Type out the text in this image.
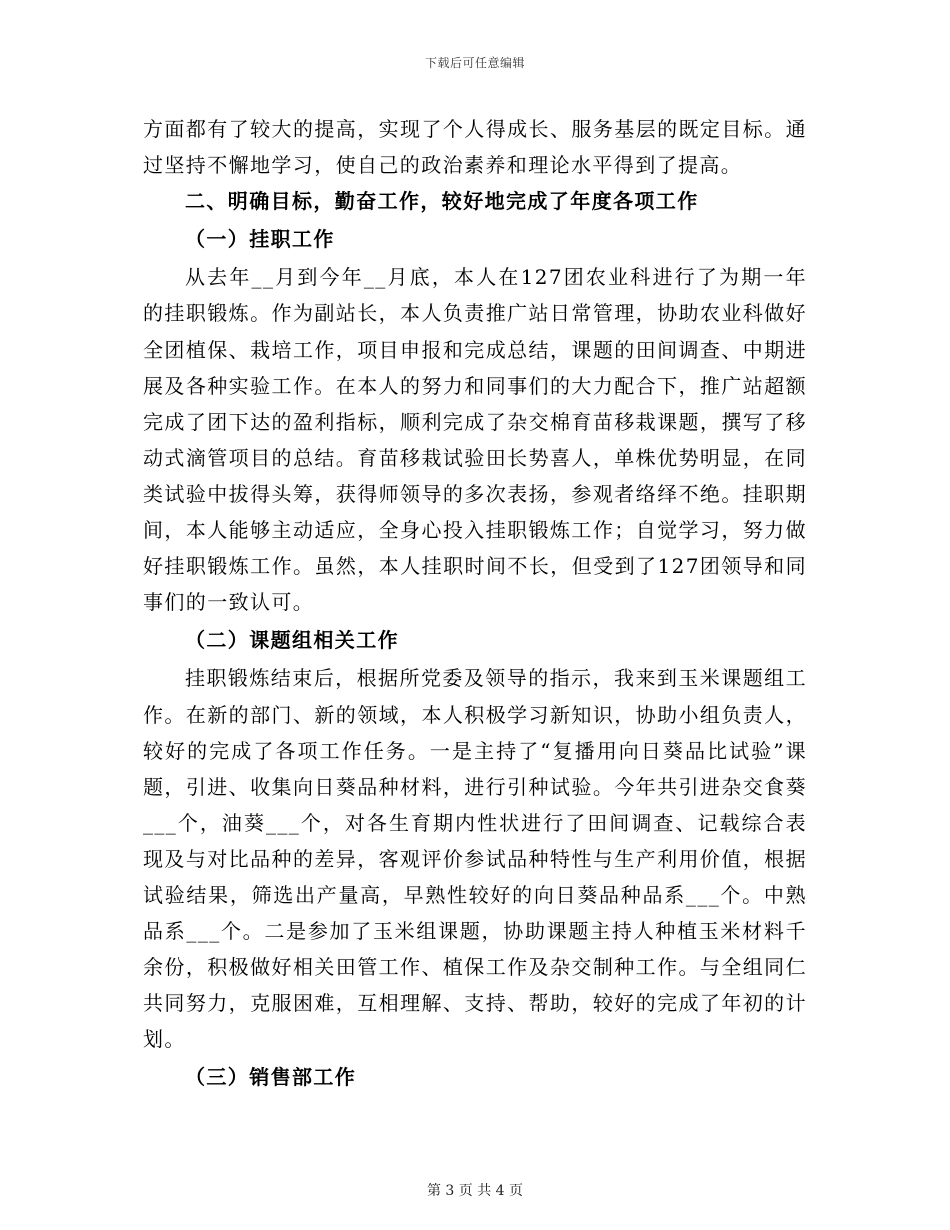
下载后可任意编辑

方面都有了较大的提高，实现了个人得成长、服务基层的既定目标。通过坚持不懈地学习，使自己的政治素养和理论水平得到了提高。

二、明确目标，勤奋工作，较好地完成了年度各项工作

（一）挂职工作

从去年__月到今年__月底，本人在127团农业科进行了为期一年的挂职锻炼。作为副站长，本人负责推广站日常管理，协助农业科做好全团植保、栽培工作，项目申报和完成总结，课题的田间调查、中期进展及各种实验工作。在本人的努力和同事们的大力配合下，推广站超额完成了团下达的盈利指标，顺利完成了杂交棉育苗移栽课题，撰写了移动式滴管项目的总结。育苗移栽试验田长势喜人，单株优势明显，在同类试验中拔得头筹，获得师领导的多次表扬，参观者络绎不绝。挂职期间，本人能够主动适应，全身心投入挂职锻炼工作；自觉学习，努力做好挂职锻炼工作。虽然，本人挂职时间不长，但受到了127团领导和同事们的一致认可。

（二）课题组相关工作

挂职锻炼结束后，根据所党委及领导的指示，我来到玉米课题组工作。在新的部门、新的领域，本人积极学习新知识，协助小组负责人，较好的完成了各项工作任务。一是主持了“复播用向日葵品比试验”课题，引进、收集向日葵品种材料，进行引种试验。今年共引进杂交食葵___个，油葵___个，对各生育期内性状进行了田间调查、记载综合表现及与对比品种的差异，客观评价参试品种特性与生产利用价值，根据试验结果，筛选出产量高，早熟性较好的向日葵品种品系___个。中熟品系___个。二是参加了玉米组课题，协助课题主持人种植玉米材料千余份，积极做好相关田管工作、植保工作及杂交制种工作。与全组同仁共同努力，克服困难，互相理解、支持、帮助，较好的完成了年初的计划。

（三）销售部工作

第 3 页 共 4 页
